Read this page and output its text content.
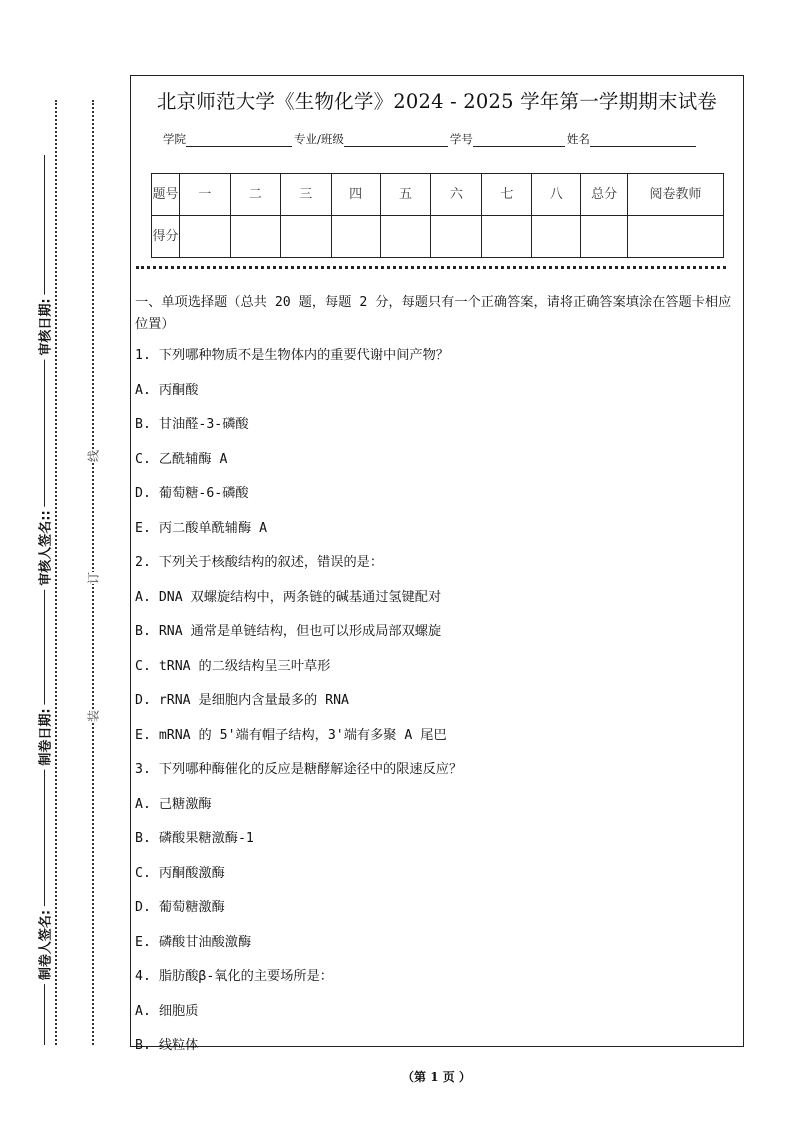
审核日期:
审核人签名::
制卷日期:
制卷人签名:
线
订
装
北京师范大学《生物化学》2024 - 2025 学年第一学期期末试卷
学院	专业/班级	学号	姓名
题号	一	二	三	四	五	六	七	八	总分	阅卷教师
得分										
一、单项选择题（总共 20 题，每题 2 分，每题只有一个正确答案，请将正确答案填涂在答题卡相应位置）
1. 下列哪种物质不是生物体内的重要代谢中间产物？
A. 丙酮酸
B. 甘油醛-3-磷酸
C. 乙酰辅酶 A
D. 葡萄糖-6-磷酸
E. 丙二酸单酰辅酶 A
2. 下列关于核酸结构的叙述，错误的是：
A. DNA 双螺旋结构中，两条链的碱基通过氢键配对
B. RNA 通常是单链结构，但也可以形成局部双螺旋
C. tRNA 的二级结构呈三叶草形
D. rRNA 是细胞内含量最多的 RNA
E. mRNA 的 5'端有帽子结构，3'端有多聚 A 尾巴
3. 下列哪种酶催化的反应是糖酵解途径中的限速反应？
A. 己糖激酶
B. 磷酸果糖激酶-1
C. 丙酮酸激酶
D. 葡萄糖激酶
E. 磷酸甘油酸激酶
4. 脂肪酸β-氧化的主要场所是：
A. 细胞质
B. 线粒体
（第 1 页 ）
